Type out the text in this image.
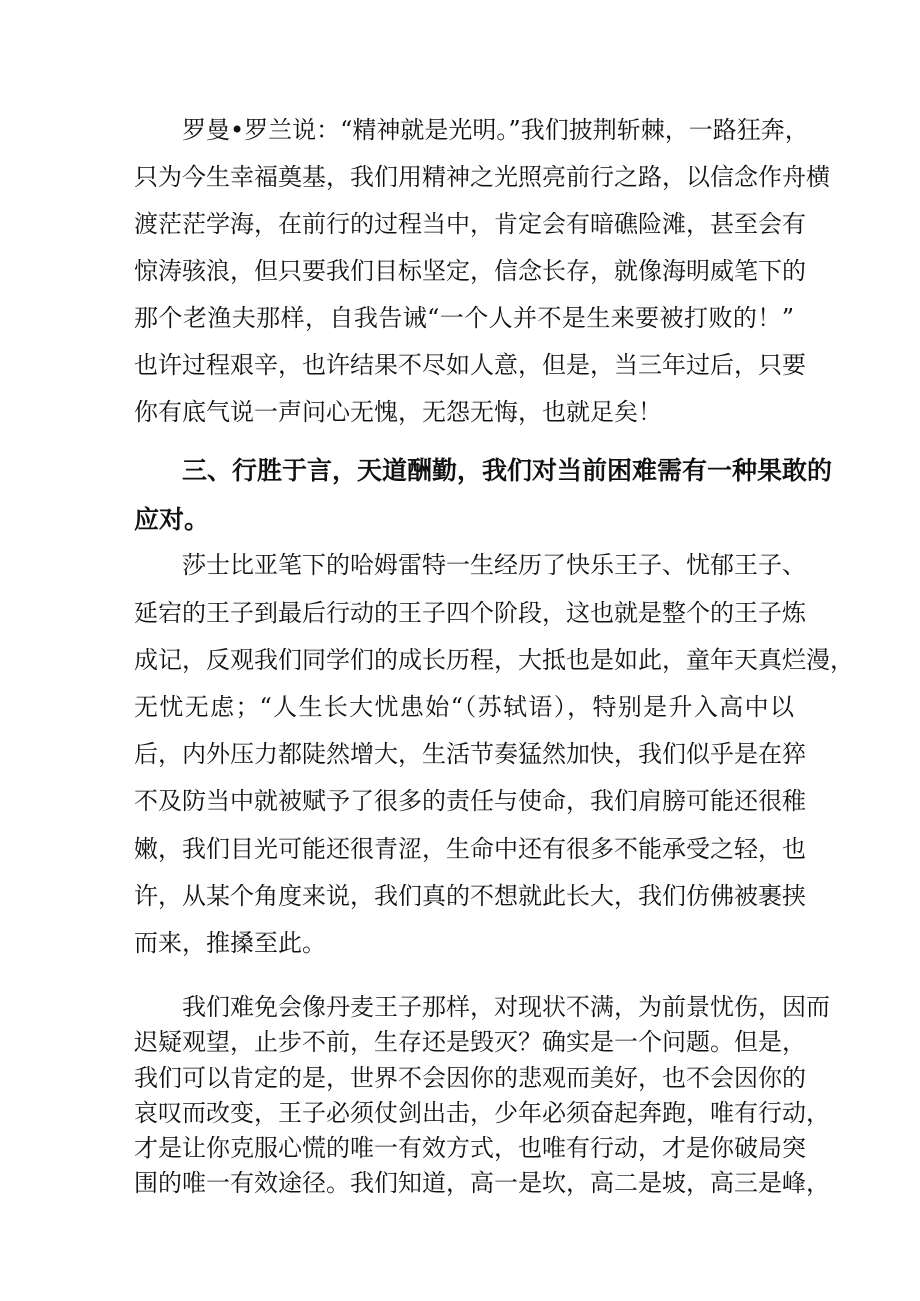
罗曼•罗兰说：“精神就是光明。”我们披荆斩棘，一路狂奔，
只为今生幸福奠基，我们用精神之光照亮前行之路，以信念作舟横
渡茫茫学海，在前行的过程当中，肯定会有暗礁险滩，甚至会有
惊涛骇浪，但只要我们目标坚定，信念长存，就像海明威笔下的
那个老渔夫那样，自我告诫“一个人并不是生来要被打败的！”
也许过程艰辛，也许结果不尽如人意，但是，当三年过后，只要
你有底气说一声问心无愧，无怨无悔，也就足矣！
三、行胜于言，天道酬勤，我们对当前困难需有一种果敢的
应对。
莎士比亚笔下的哈姆雷特一生经历了快乐王子、忧郁王子、
延宕的王子到最后行动的王子四个阶段，这也就是整个的王子炼
成记，反观我们同学们的成长历程，大抵也是如此，童年天真烂漫，
无忧无虑；“人生长大忧患始“（苏轼语），特别是升入高中以
后，内外压力都陡然增大，生活节奏猛然加快，我们似乎是在猝
不及防当中就被赋予了很多的责任与使命，我们肩膀可能还很稚
嫩，我们目光可能还很青涩，生命中还有很多不能承受之轻，也
许，从某个角度来说，我们真的不想就此长大，我们仿佛被裹挟
而来，推搡至此。
我们难免会像丹麦王子那样，对现状不满，为前景忧伤，因而
迟疑观望，止步不前，生存还是毁灭？确实是一个问题。但是，
我们可以肯定的是，世界不会因你的悲观而美好，也不会因你的
哀叹而改变，王子必须仗剑出击，少年必须奋起奔跑，唯有行动，
才是让你克服心慌的唯一有效方式，也唯有行动，才是你破局突
围的唯一有效途径。我们知道，高一是坎，高二是坡，高三是峰，
